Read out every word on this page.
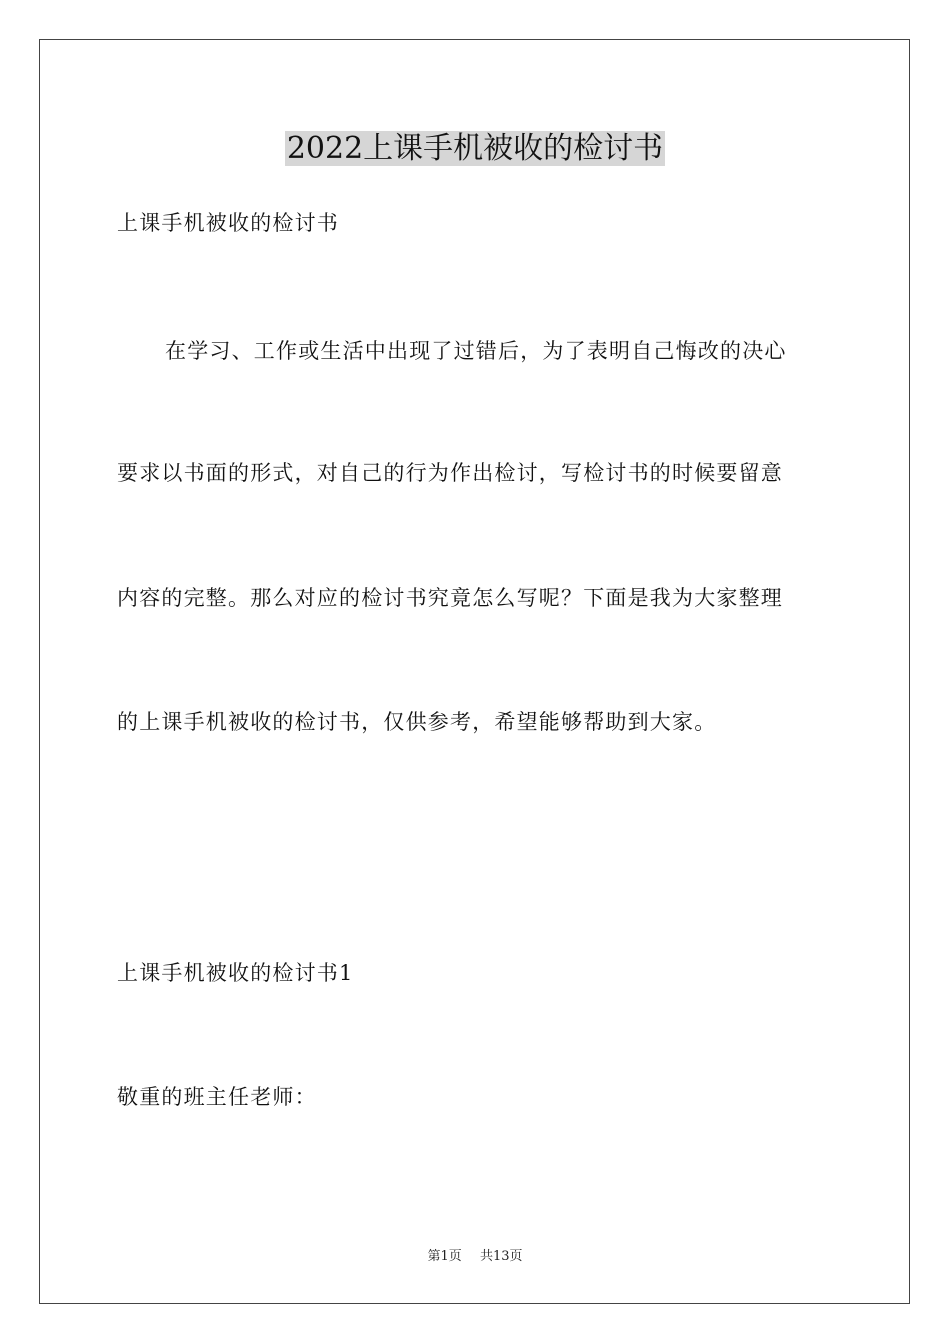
2022上课手机被收的检讨书
上课手机被收的检讨书
在学习、工作或生活中出现了过错后，为了表明自己悔改的决心
要求以书面的形式，对自己的行为作出检讨，写检讨书的时候要留意
内容的完整。那么对应的检讨书究竟怎么写呢？下面是我为大家整理
的上课手机被收的检讨书，仅供参考，希望能够帮助到大家。
上课手机被收的检讨书1
敬重的班主任老师：
第1页 共13页
